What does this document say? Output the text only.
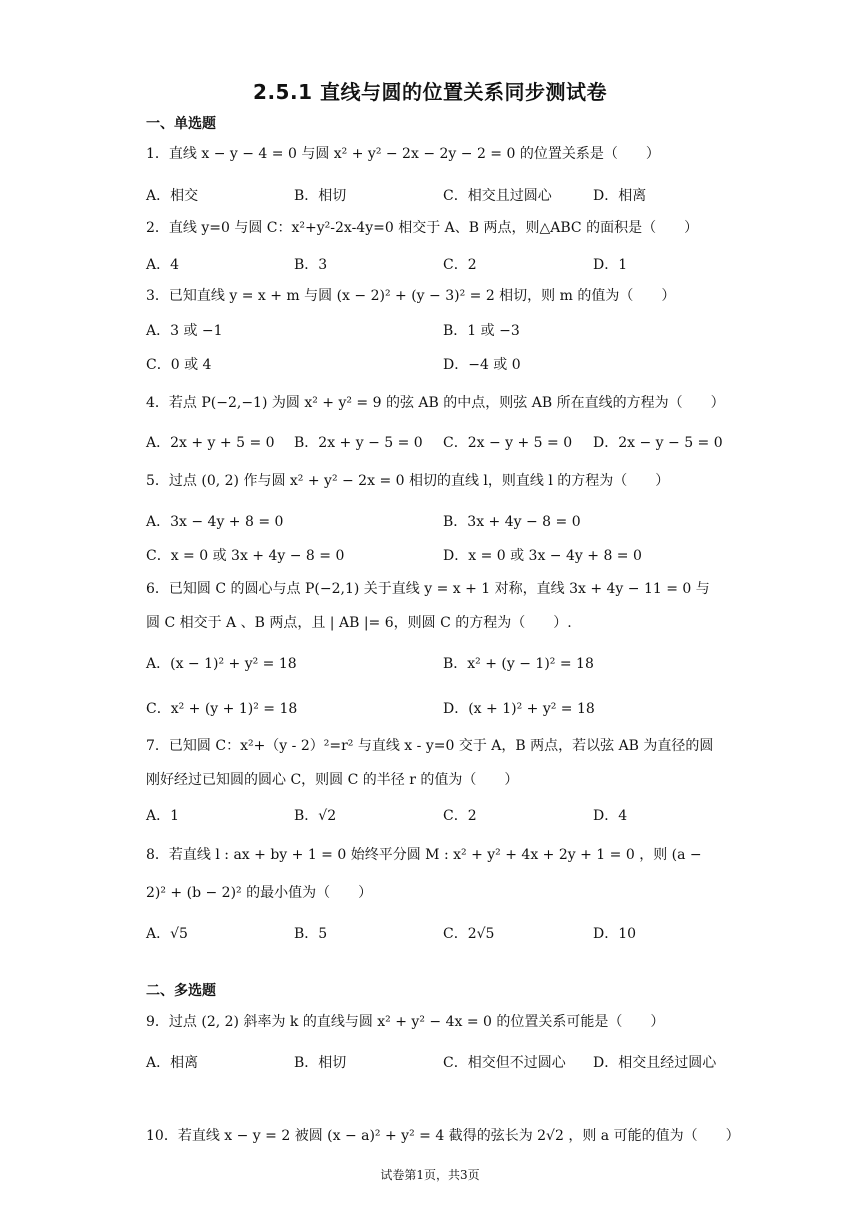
2.5.1 直线与圆的位置关系同步测试卷
一、单选题
1．直线 x − y − 4 = 0 与圆 x² + y² − 2x − 2y − 2 = 0 的位置关系是（　　）
A．相交	B．相切	C．相交且过圆心	D．相离
2．直线 y=0 与圆 C：x²+y²-2x-4y=0 相交于 A、B 两点，则△ABC 的面积是（　　）
A．4	B．3	C．2	D．1
3．已知直线 y = x + m 与圆 (x − 2)² + (y − 3)² = 2 相切，则 m 的值为（　　）
A．3 或 −1	B．1 或 −3
C．0 或 4	D．−4 或 0
4．若点 P(−2,−1) 为圆 x² + y² = 9 的弦 AB 的中点，则弦 AB 所在直线的方程为（　　）
A．2x + y + 5 = 0 B．2x + y − 5 = 0 C．2x − y + 5 = 0 D．2x − y − 5 = 0
5．过点 (0, 2) 作与圆 x² + y² − 2x = 0 相切的直线 l，则直线 l 的方程为（　　）
A．3x − 4y + 8 = 0	B．3x + 4y − 8 = 0
C．x = 0 或 3x + 4y − 8 = 0	D．x = 0 或 3x − 4y + 8 = 0
6．已知圆 C 的圆心与点 P(−2,1) 关于直线 y = x + 1 对称，直线 3x + 4y − 11 = 0 与圆 C 相交于 A 、B 两点，且 | AB |= 6，则圆 C 的方程为（　　）.
A．(x − 1)² + y² = 18	B．x² + (y − 1)² = 18
C．x² + (y + 1)² = 18	D．(x + 1)² + y² = 18
7．已知圆 C：x²+（y - 2）²=r² 与直线 x - y=0 交于 A，B 两点，若以弦 AB 为直径的圆刚好经过已知圆的圆心 C，则圆 C 的半径 r 的值为（　　）
A．1	B．√2	C．2	D．4
8．若直线 l : ax + by + 1 = 0 始终平分圆 M : x² + y² + 4x + 2y + 1 = 0 ，则 (a − 2)² + (b − 2)² 的最小值为（　　）
A．√5	B．5	C．2√5	D．10
二、多选题
9．过点 (2, 2) 斜率为 k 的直线与圆 x² + y² − 4x = 0 的位置关系可能是（　　）
A．相离	B．相切	C．相交但不过圆心 D．相交且经过圆心
10．若直线 x − y = 2 被圆 (x − a)² + y² = 4 截得的弦长为 2√2 ，则 a 可能的值为（　　）
试卷第1页，共3页
